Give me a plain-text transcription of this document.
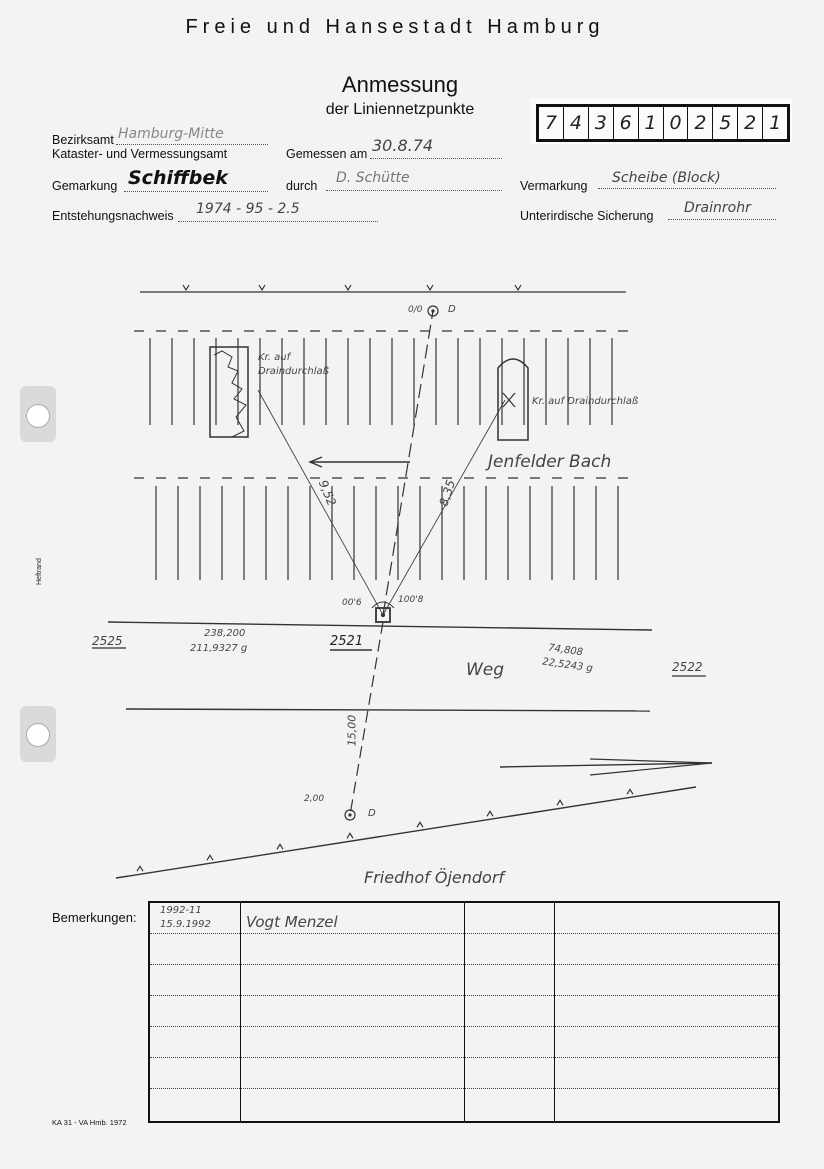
Heftrand
Freie und Hansestadt Hamburg
Anmessung
der Liniennetzpunkte
7 4 3 6 1 0 2 5 2 1
Bezirksamt Hamburg-Mitte
Kataster- und Vermessungsamt	Gemessen am 30.8.74
Gemarkung Schiffbek	durch D. Schütte	Vermarkung Scheibe (Block)
Entstehungsnachweis 1974 - 95 - 2.5	Unterirdische Sicherung Drainrohr
Kr. auf
Draindurchlaß
Kr. auf Draindurchlaß
Jenfelder Bach
9,52	8,35
00'6	100'8
2521
2525
2522
238,200
211,9327 g	74,808
22,5243 g
Weg
15,00
0/0	D
2,00
D
Friedhof Öjendorf
Bemerkungen: 1992-11
15.9.1992 Vogt Menzel
KA 31 - VA Hmb. 1972
